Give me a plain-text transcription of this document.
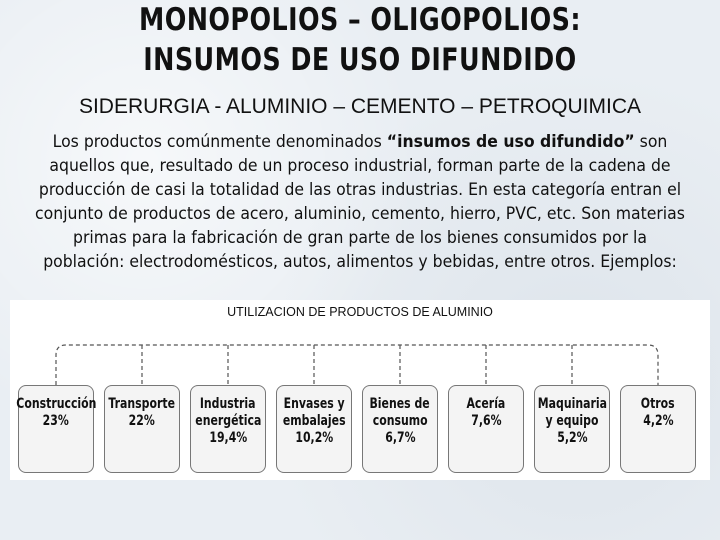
MONOPOLIOS – OLIGOPOLIOS:
INSUMOS DE USO DIFUNDIDO
SIDERURGIA - ALUMINIO – CEMENTO – PETROQUIMICA
Los productos comúnmente denominados “insumos de uso difundido” son aquellos que, resultado de un proceso industrial, forman parte de la cadena de producción de casi la totalidad de las otras industrias. En esta categoría entran el conjunto de productos de acero, aluminio, cemento, hierro, PVC, etc. Son materias primas para la fabricación de gran parte de los bienes consumidos por la población: electrodomésticos, autos, alimentos y bebidas, entre otros. Ejemplos:
UTILIZACION DE PRODUCTOS DE ALUMINIO
Construcción
23%
Transporte
22%
Industria
energética
19,4%
Envases y
embalajes
10,2%
Bienes de
consumo
6,7%
Acería
7,6%
Maquinaria
y equipo
5,2%
Otros
4,2%
